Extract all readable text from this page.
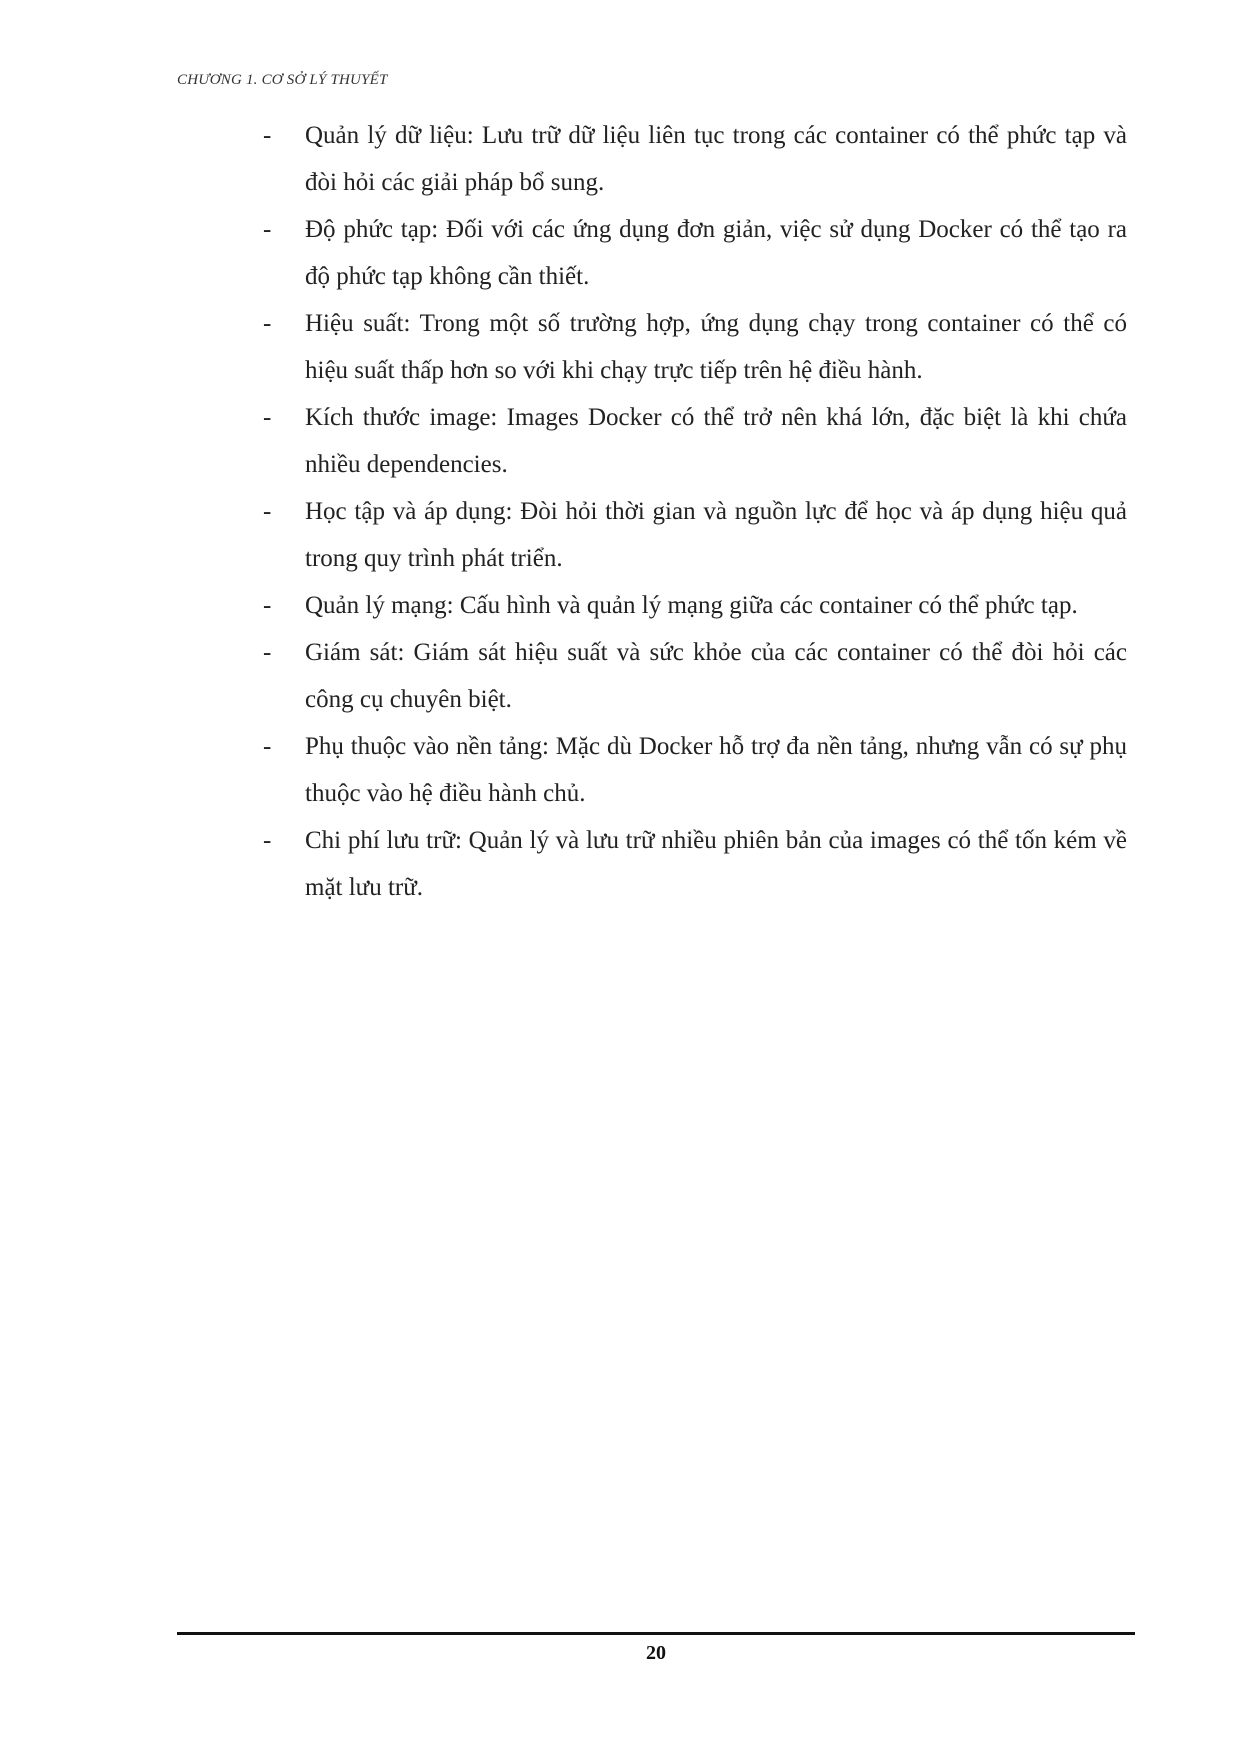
CHƯƠNG 1. CƠ SỞ LÝ THUYẾT
-	Quản lý dữ liệu: Lưu trữ dữ liệu liên tục trong các container có thể phức tạp và đòi hỏi các giải pháp bổ sung.
-	Độ phức tạp: Đối với các ứng dụng đơn giản, việc sử dụng Docker có thể tạo ra độ phức tạp không cần thiết.
-	Hiệu suất: Trong một số trường hợp, ứng dụng chạy trong container có thể có hiệu suất thấp hơn so với khi chạy trực tiếp trên hệ điều hành.
-	Kích thước image: Images Docker có thể trở nên khá lớn, đặc biệt là khi chứa nhiều dependencies.
-	Học tập và áp dụng: Đòi hỏi thời gian và nguồn lực để học và áp dụng hiệu quả trong quy trình phát triển.
-	Quản lý mạng: Cấu hình và quản lý mạng giữa các container có thể phức tạp.
-	Giám sát: Giám sát hiệu suất và sức khỏe của các container có thể đòi hỏi các công cụ chuyên biệt.
-	Phụ thuộc vào nền tảng: Mặc dù Docker hỗ trợ đa nền tảng, nhưng vẫn có sự phụ thuộc vào hệ điều hành chủ.
-	Chi phí lưu trữ: Quản lý và lưu trữ nhiều phiên bản của images có thể tốn kém về mặt lưu trữ.
20
